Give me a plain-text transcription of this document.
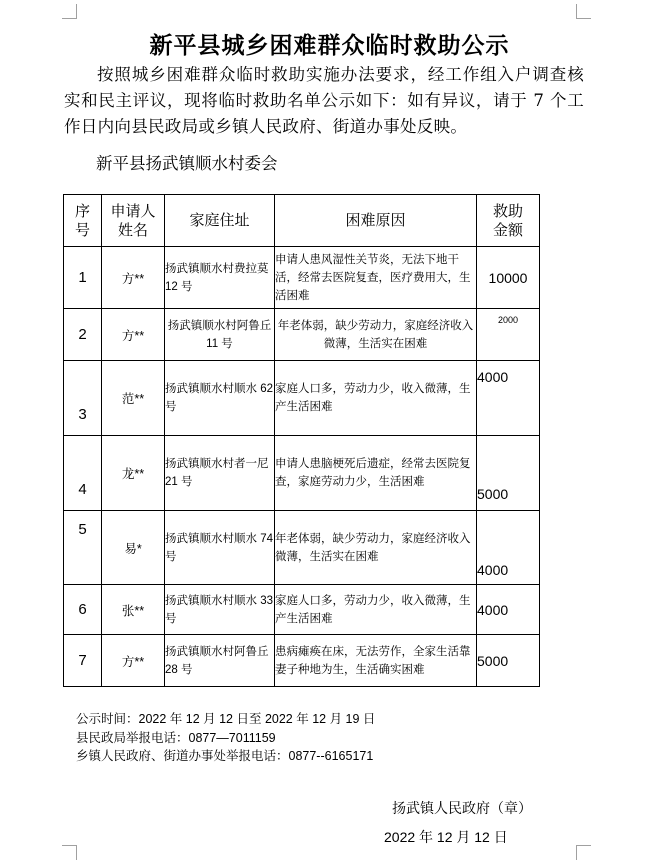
新平县城乡困难群众临时救助公示
按照城乡困难群众临时救助实施办法要求，经工作组入户调查核实和民主评议，现将临时救助名单公示如下：如有异议，请于 7 个工作日内向县民政局或乡镇人民政府、街道办事处反映。
新平县扬武镇顺水村委会
序号	申请人姓名	家庭住址	困难原因	救助金额
1	方**	扬武镇顺水村费拉莫 12 号	申请人患风湿性关节炎，无法下地干活，经常去医院复查，医疗费用大，生活困难	10000
2	方**	扬武镇顺水村阿鲁丘 11 号	年老体弱，缺少劳动力，家庭经济收入微薄，生活实在困难	2000
3	范**	扬武镇顺水村顺水 62 号	家庭人口多，劳动力少，收入微薄，生产生活困难	4000
4	龙**	扬武镇顺水村者一尼 21 号	申请人患脑梗死后遗症，经常去医院复查，家庭劳动力少，生活困难	5000
5	易*	扬武镇顺水村顺水 74 号	年老体弱，缺少劳动力，家庭经济收入微薄，生活实在困难	4000
6	张**	扬武镇顺水村顺水 33 号	家庭人口多，劳动力少，收入微薄，生产生活困难	4000
7	方**	扬武镇顺水村阿鲁丘 28 号	患病瘫痪在床，无法劳作，全家生活靠妻子种地为生，生活确实困难	5000
公示时间：2022 年 12 月 12 日至 2022 年 12 月 19 日
县民政局举报电话：0877—7011159
乡镇人民政府、街道办事处举报电话：0877--6165171
扬武镇人民政府（章）
2022 年 12 月 12 日
